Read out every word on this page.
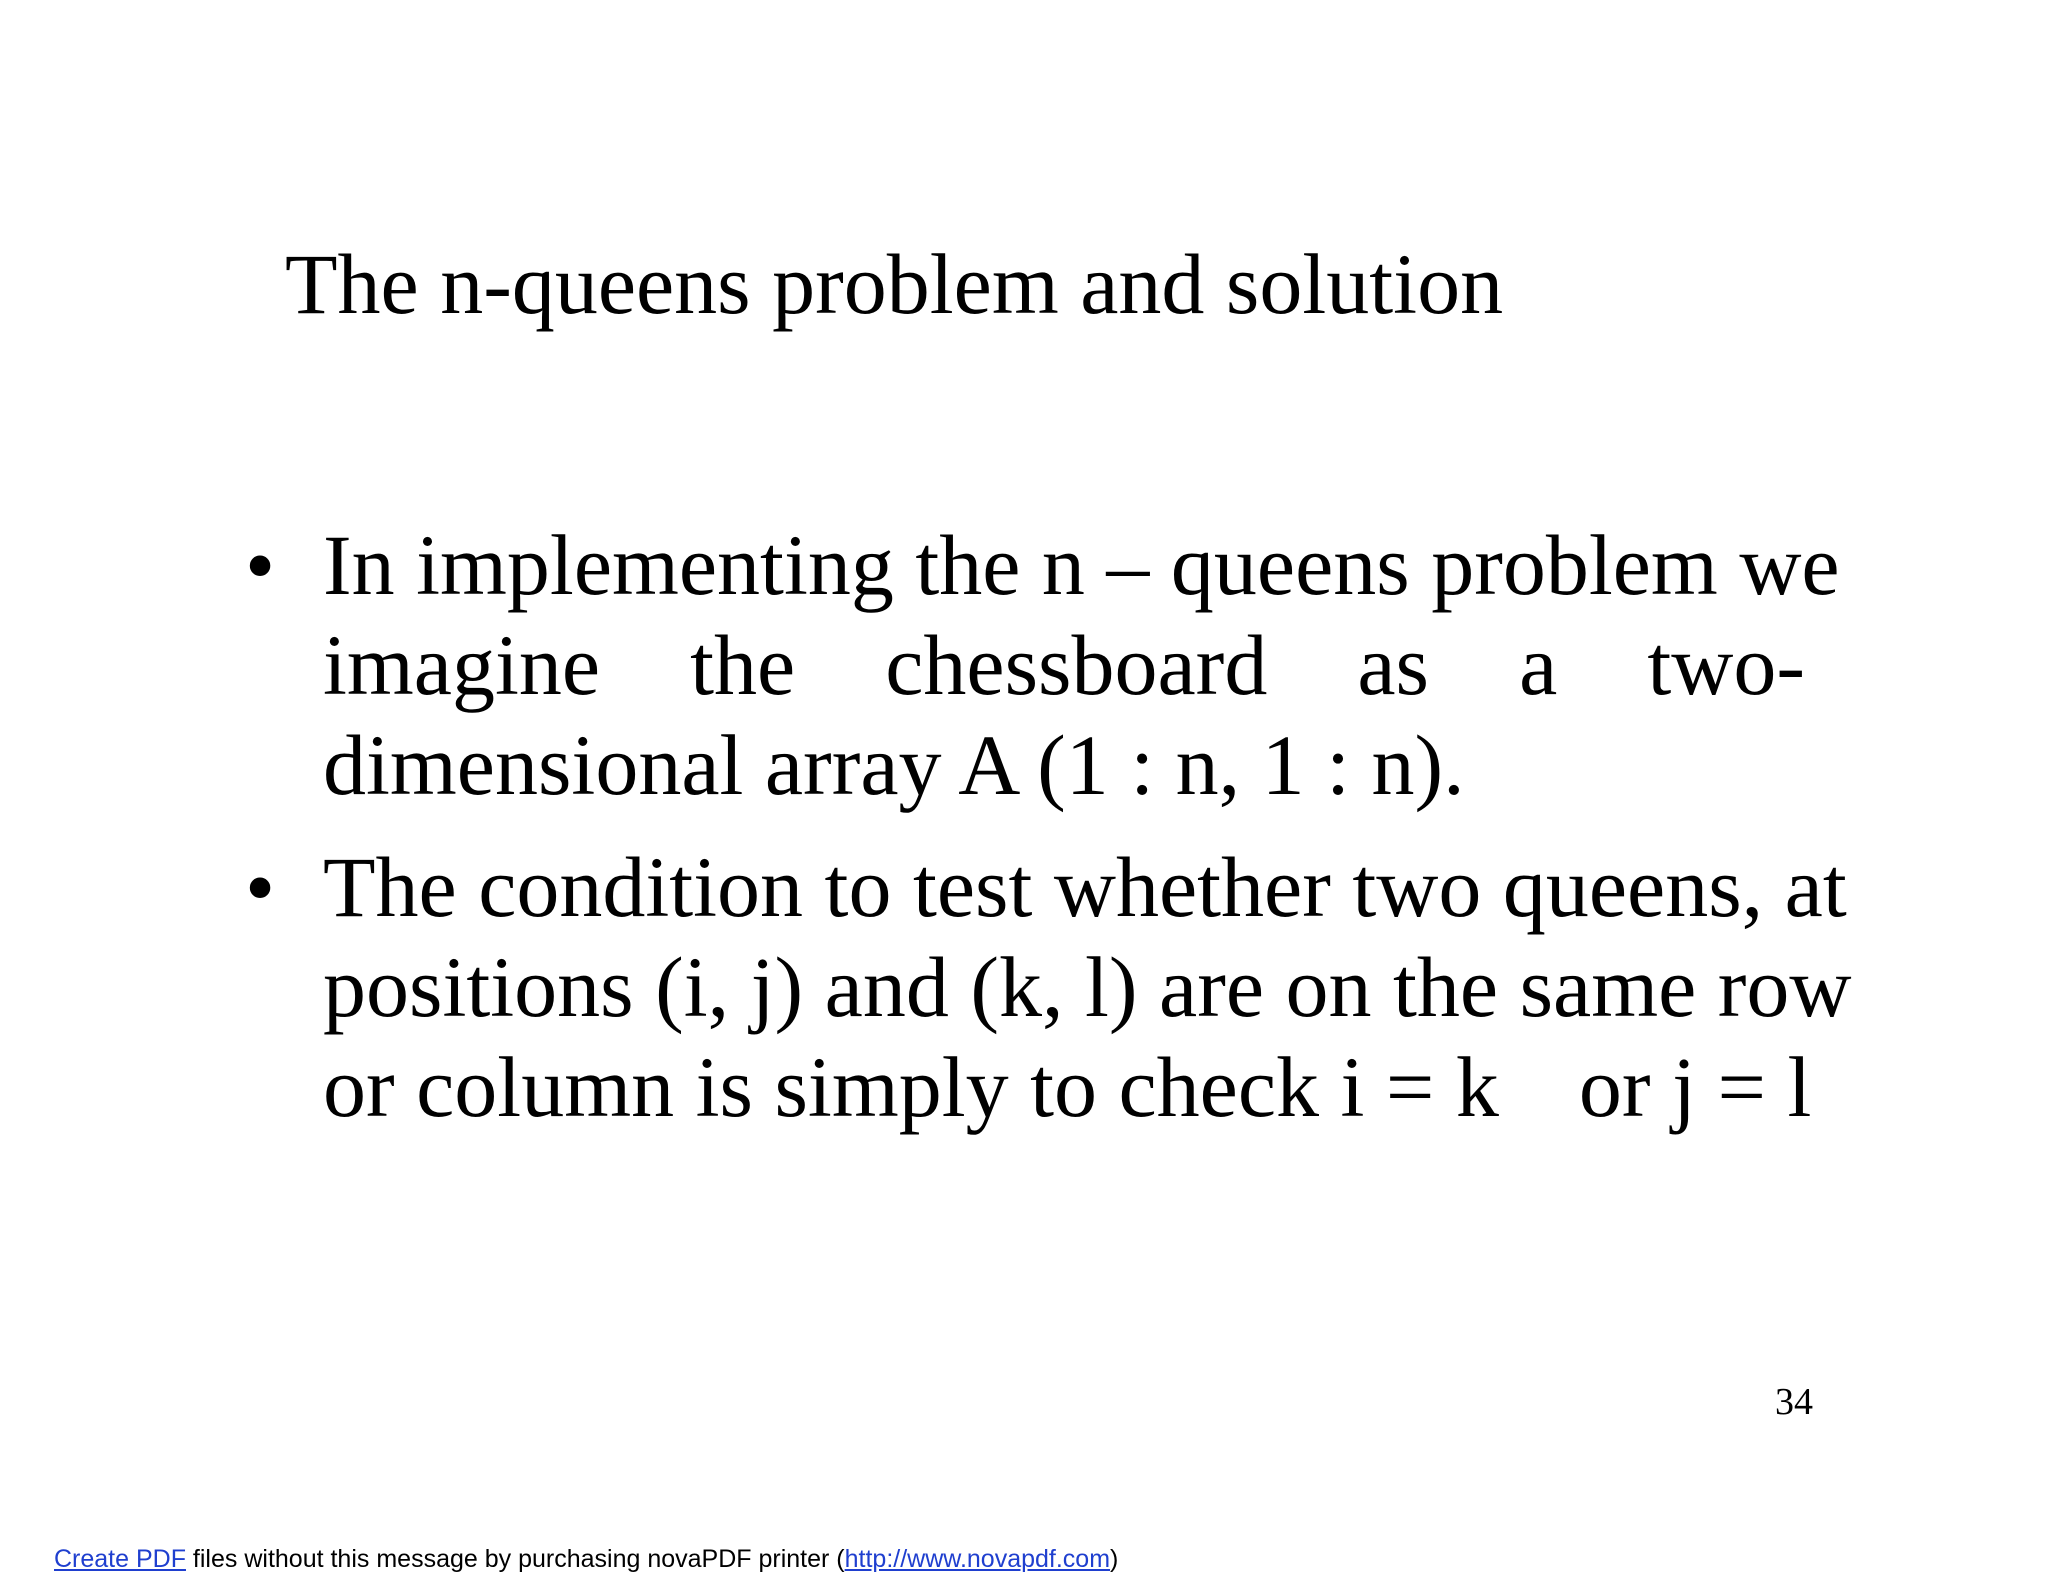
The n-queens problem and solution
• In implementing the n – queens problem we
imagine the chessboard as a two-
dimensional array A (1 : n, 1 : n).
• The condition to test whether two queens, at
positions (i, j) and (k, l) are on the same row
or column is simply to check i = k or j = l
34
Create PDF files without this message by purchasing novaPDF printer (http://www.novapdf.com)
